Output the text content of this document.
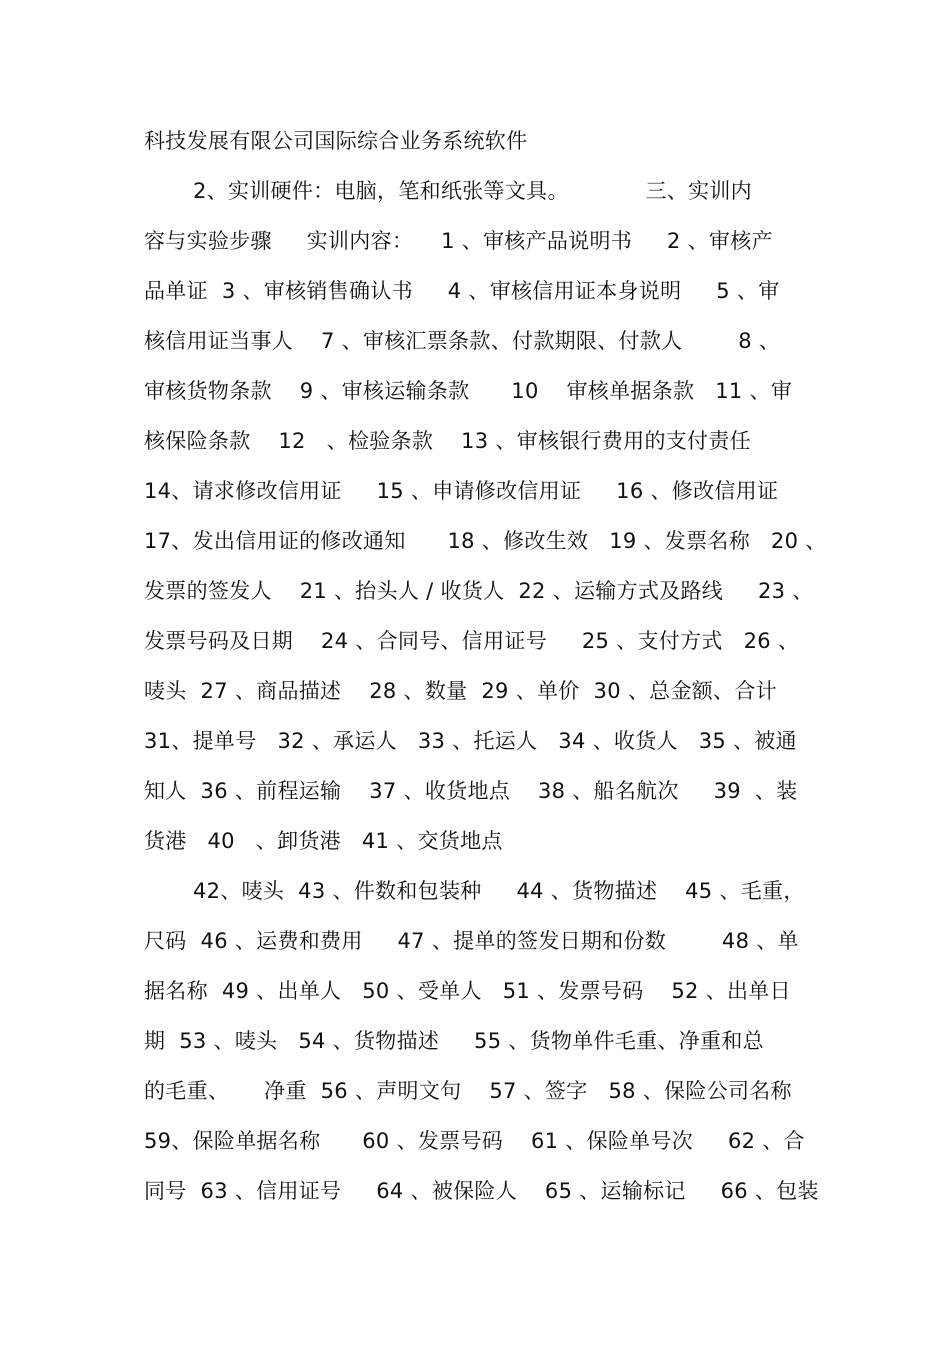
科技发展有限公司国际综合业务系统软件
2、实训硬件：电脑，笔和纸张等文具。           三、实训内
容与实验步骤     实训内容：    1 、审核产品说明书     2 、审核产
品单证  3 、审核销售确认书     4 、审核信用证本身说明     5 、审
核信用证当事人    7 、审核汇票条款、付款期限、付款人        8 、
审核货物条款    9 、审核运输条款      10    审核单据条款   11 、审
核保险条款    12   、检验条款    13 、审核银行费用的支付责任
14、请求修改信用证     15 、申请修改信用证     16 、修改信用证
17、发出信用证的修改通知      18 、修改生效   19 、发票名称   20 、
发票的签发人    21 、抬头人 / 收货人  22 、运输方式及路线     23 、
发票号码及日期    24 、合同号、信用证号     25 、支付方式   26 、
唛头  27 、商品描述    28 、数量  29 、单价  30 、总金额、合计
31、提单号   32 、承运人   33 、托运人   34 、收货人   35 、被通
知人  36 、前程运输    37 、收货地点    38 、船名航次     39  、装
货港   40   、卸货港   41 、交货地点
42、唛头  43 、件数和包装种     44 、货物描述    45 、毛重，
尺码  46 、运费和费用     47 、提单的签发日期和份数        48 、单
据名称  49 、出单人   50 、受单人   51 、发票号码    52 、出单日
期  53 、唛头   54 、货物描述     55 、货物单件毛重、净重和总
的毛重、     净重  56 、声明文句    57 、签字   58 、保险公司名称
59、保险单据名称      60 、发票号码    61 、保险单号次     62 、合
同号  63 、信用证号     64 、被保险人    65 、运输标记     66 、包装
